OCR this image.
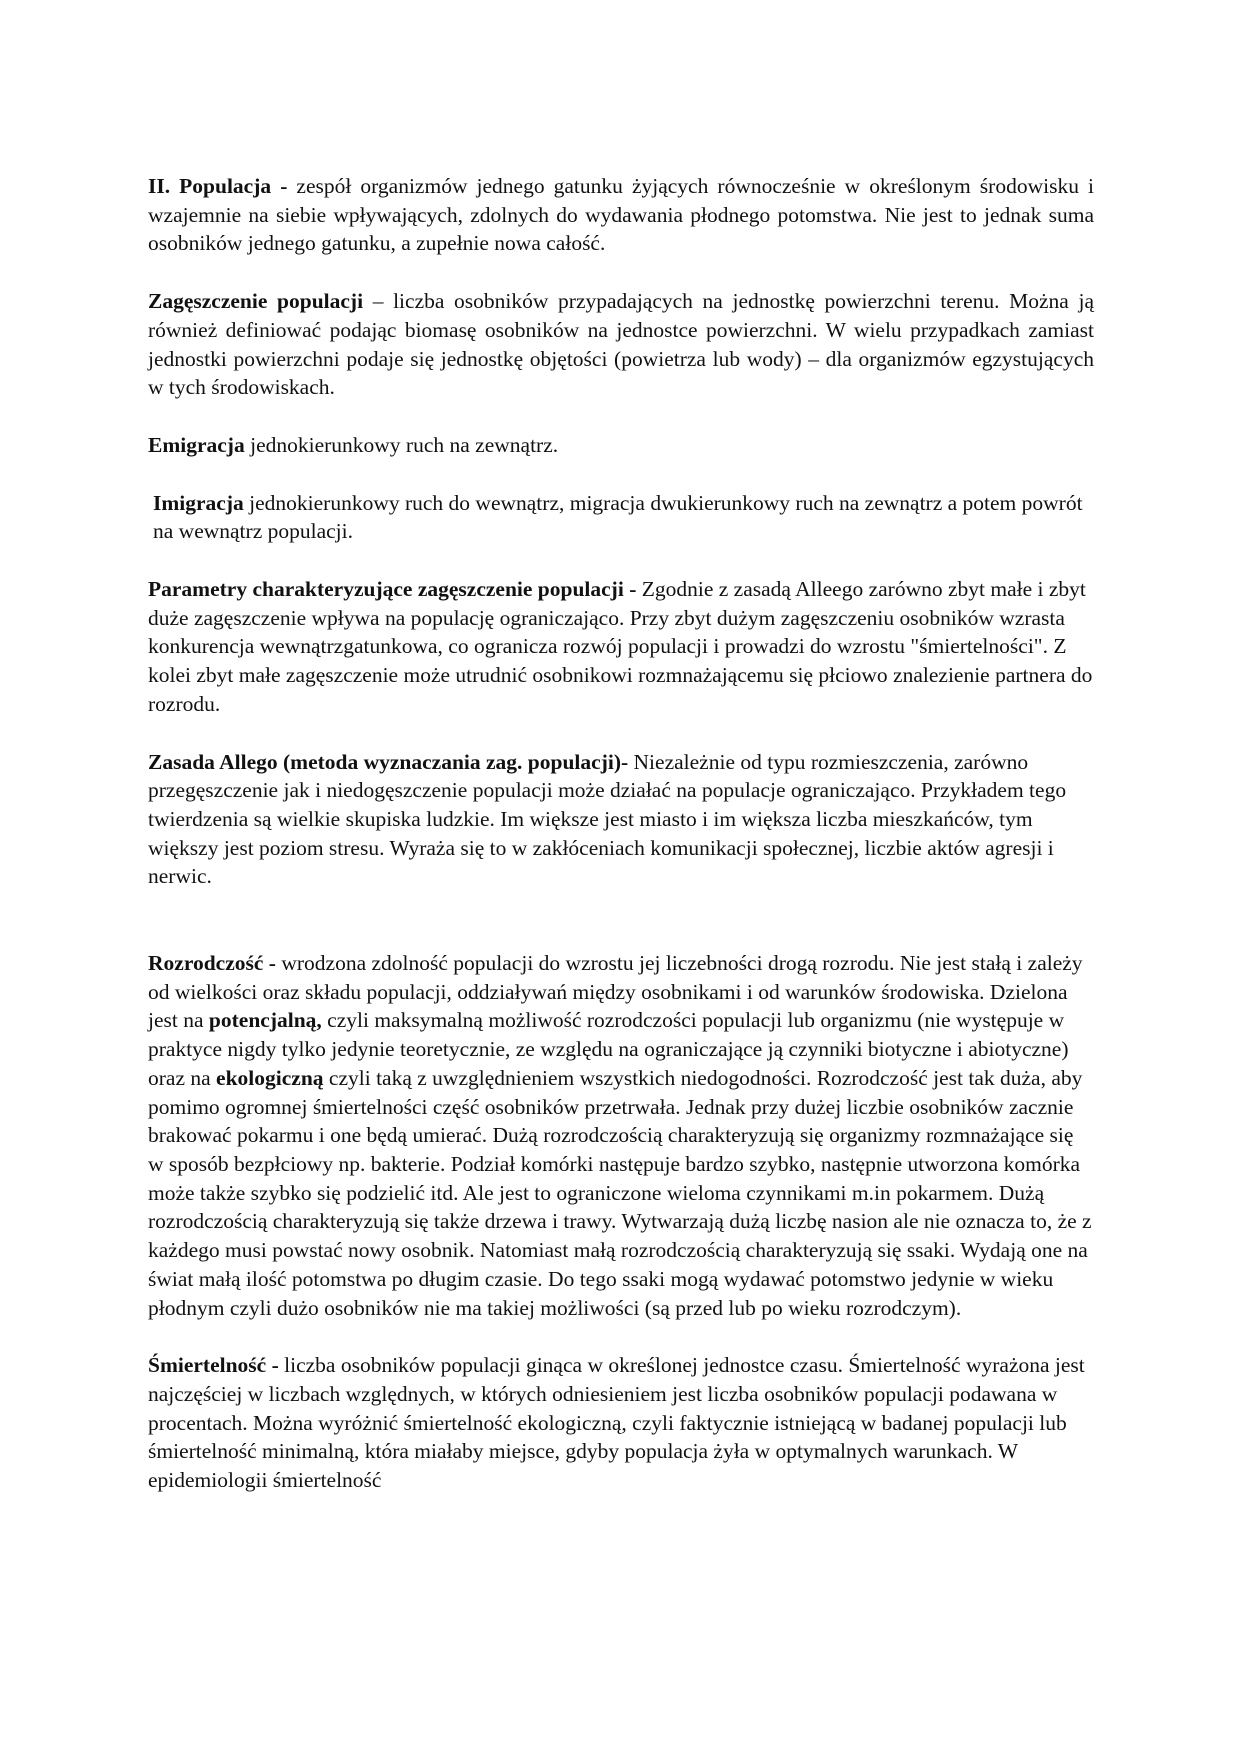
II. Populacja - zespół organizmów jednego gatunku żyjących równocześnie w określonym środowisku i wzajemnie na siebie wpływających, zdolnych do wydawania płodnego potomstwa. Nie jest to jednak suma osobników jednego gatunku, a zupełnie nowa całość.

Zagęszczenie populacji – liczba osobników przypadających na jednostkę powierzchni terenu. Można ją również definiować podając biomasę osobników na jednostce powierzchni. W wielu przypadkach zamiast jednostki powierzchni podaje się jednostkę objętości (powietrza lub wody) – dla organizmów egzystujących w tych środowiskach.

Emigracja jednokierunkowy ruch na zewnątrz.

Imigracja jednokierunkowy ruch do wewnątrz, migracja dwukierunkowy ruch na zewnątrz a potem powrót na wewnątrz populacji.

Parametry charakteryzujące zagęszczenie populacji - Zgodnie z zasadą Alleego zarówno zbyt małe i zbyt duże zagęszczenie wpływa na populację ograniczająco. Przy zbyt dużym zagęszczeniu osobników wzrasta konkurencja wewnątrzgatunkowa, co ogranicza rozwój populacji i prowadzi do wzrostu "śmiertelności". Z kolei zbyt małe zagęszczenie może utrudnić osobnikowi rozmnażającemu się płciowo znalezienie partnera do rozrodu.

Zasada Allego (metoda wyznaczania zag. populacji)- Niezależnie od typu rozmieszczenia, zarówno przegęszczenie jak i niedogęszczenie populacji może działać na populacje ograniczająco. Przykładem tego twierdzenia są wielkie skupiska ludzkie. Im większe jest miasto i im większa liczba mieszkańców, tym większy jest poziom stresu. Wyraża się to w zakłóceniach komunikacji społecznej, liczbie aktów agresji i nerwic.

Rozrodczość - wrodzona zdolność populacji do wzrostu jej liczebności drogą rozrodu. Nie jest stałą i zależy od wielkości oraz składu populacji, oddziaływań między osobnikami i od warunków środowiska. Dzielona jest na potencjalną, czyli maksymalną możliwość rozrodczości populacji lub organizmu (nie występuje w praktyce nigdy tylko jedynie teoretycznie, ze względu na ograniczające ją czynniki biotyczne i abiotyczne) oraz na ekologiczną czyli taką z uwzględnieniem wszystkich niedogodności. Rozrodczość jest tak duża, aby pomimo ogromnej śmiertelności część osobników przetrwała. Jednak przy dużej liczbie osobników zacznie brakować pokarmu i one będą umierać. Dużą rozrodczością charakteryzują się organizmy rozmnażające się w sposób bezpłciowy np. bakterie. Podział komórki następuje bardzo szybko, następnie utworzona komórka może także szybko się podzielić itd. Ale jest to ograniczone wieloma czynnikami m.in pokarmem. Dużą rozrodczością charakteryzują się także drzewa i trawy. Wytwarzają dużą liczbę nasion ale nie oznacza to, że z każdego musi powstać nowy osobnik. Natomiast małą rozrodczością charakteryzują się ssaki. Wydają one na świat małą ilość potomstwa po długim czasie. Do tego ssaki mogą wydawać potomstwo jedynie w wieku płodnym czyli dużo osobników nie ma takiej możliwości (są przed lub po wieku rozrodczym).

Śmiertelność - liczba osobników populacji ginąca w określonej jednostce czasu. Śmiertelność wyrażona jest najczęściej w liczbach względnych, w których odniesieniem jest liczba osobników populacji podawana w procentach. Można wyróżnić śmiertelność ekologiczną, czyli faktycznie istniejącą w badanej populacji lub śmiertelność minimalną, która miałaby miejsce, gdyby populacja żyła w optymalnych warunkach. W epidemiologii śmiertelność
